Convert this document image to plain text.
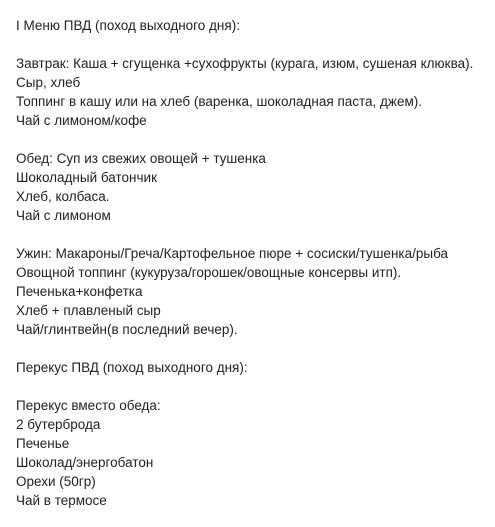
I Меню ПВД (поход выходного дня):
Завтрак: Каша + сгущенка +сухофрукты (курага, изюм, сушеная клюква).
Сыр, хлеб
Топпинг в кашу или на хлеб (варенка, шоколадная паста, джем).
Чай с лимоном/кофе
Обед: Суп из свежих овощей + тушенка
Шоколадный батончик
Хлеб, колбаса.
Чай с лимоном
Ужин: Макароны/Греча/Картофельное пюре + сосиски/тушенка/рыба
Овощной топпинг (кукуруза/горошек/овощные консервы итп).
Печенька+конфетка
Хлеб + плавленый сыр
Чай/глинтвейн(в последний вечер).
Перекус ПВД (поход выходного дня):
Перекус вместо обеда:
2 бутерброда
Печенье
Шоколад/энергобатон
Орехи (50гр)
Чай в термосе
